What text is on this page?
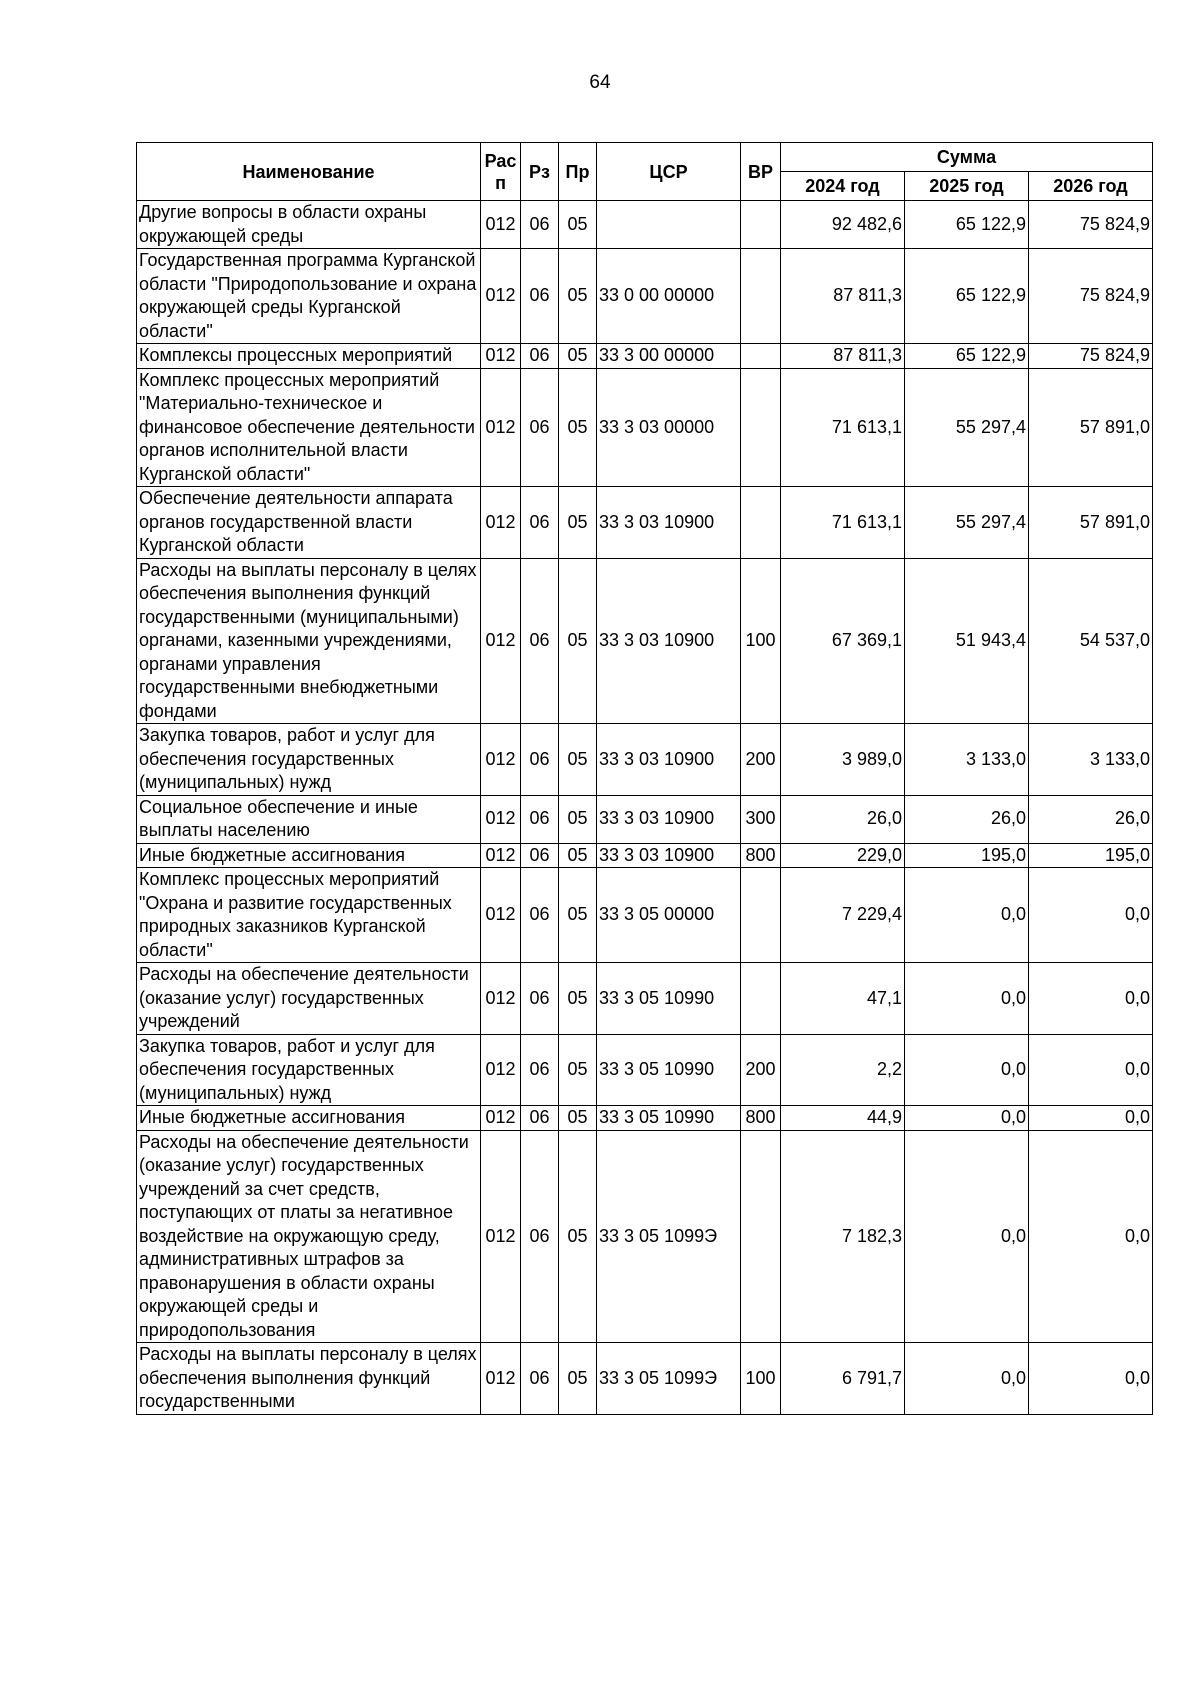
64
Наименование	Рас п	Рз	Пр	ЦСР	ВР	Сумма		
						2024 год	2025 год	2026 год
Другие вопросы в области охраны окружающей среды	012	06	05			92 482,6	65 122,9	75 824,9
Государственная программа Курганской области "Природопользование и охрана окружающей среды Курганской области"	012	06	05	33 0 00 00000		87 811,3	65 122,9	75 824,9
Комплексы процессных мероприятий	012	06	05	33 3 00 00000		87 811,3	65 122,9	75 824,9
Комплекс процессных мероприятий "Материально-техническое и финансовое обеспечение деятельности органов исполнительной власти Курганской области"	012	06	05	33 3 03 00000		71 613,1	55 297,4	57 891,0
Обеспечение деятельности аппарата органов государственной власти Курганской области	012	06	05	33 3 03 10900		71 613,1	55 297,4	57 891,0
Расходы на выплаты персоналу в целях обеспечения выполнения функций государственными (муниципальными) органами, казенными учреждениями, органами управления государственными внебюджетными фондами	012	06	05	33 3 03 10900	100	67 369,1	51 943,4	54 537,0
Закупка товаров, работ и услуг для обеспечения государственных (муниципальных) нужд	012	06	05	33 3 03 10900	200	3 989,0	3 133,0	3 133,0
Социальное обеспечение и иные выплаты населению	012	06	05	33 3 03 10900	300	26,0	26,0	26,0
Иные бюджетные ассигнования	012	06	05	33 3 03 10900	800	229,0	195,0	195,0
Комплекс процессных мероприятий "Охрана и развитие государственных природных заказников Курганской области"	012	06	05	33 3 05 00000		7 229,4	0,0	0,0
Расходы на обеспечение деятельности (оказание услуг) государственных учреждений	012	06	05	33 3 05 10990		47,1	0,0	0,0
Закупка товаров, работ и услуг для обеспечения государственных (муниципальных) нужд	012	06	05	33 3 05 10990	200	2,2	0,0	0,0
Иные бюджетные ассигнования	012	06	05	33 3 05 10990	800	44,9	0,0	0,0
Расходы на обеспечение деятельности (оказание услуг) государственных учреждений за счет средств, поступающих от платы за негативное воздействие на окружающую среду, административных штрафов за правонарушения в области охраны окружающей среды и природопользования	012	06	05	33 3 05 1099Э		7 182,3	0,0	0,0
Расходы на выплаты персоналу в целях обеспечения выполнения функций государственными	012	06	05	33 3 05 1099Э	100	6 791,7	0,0	0,0
